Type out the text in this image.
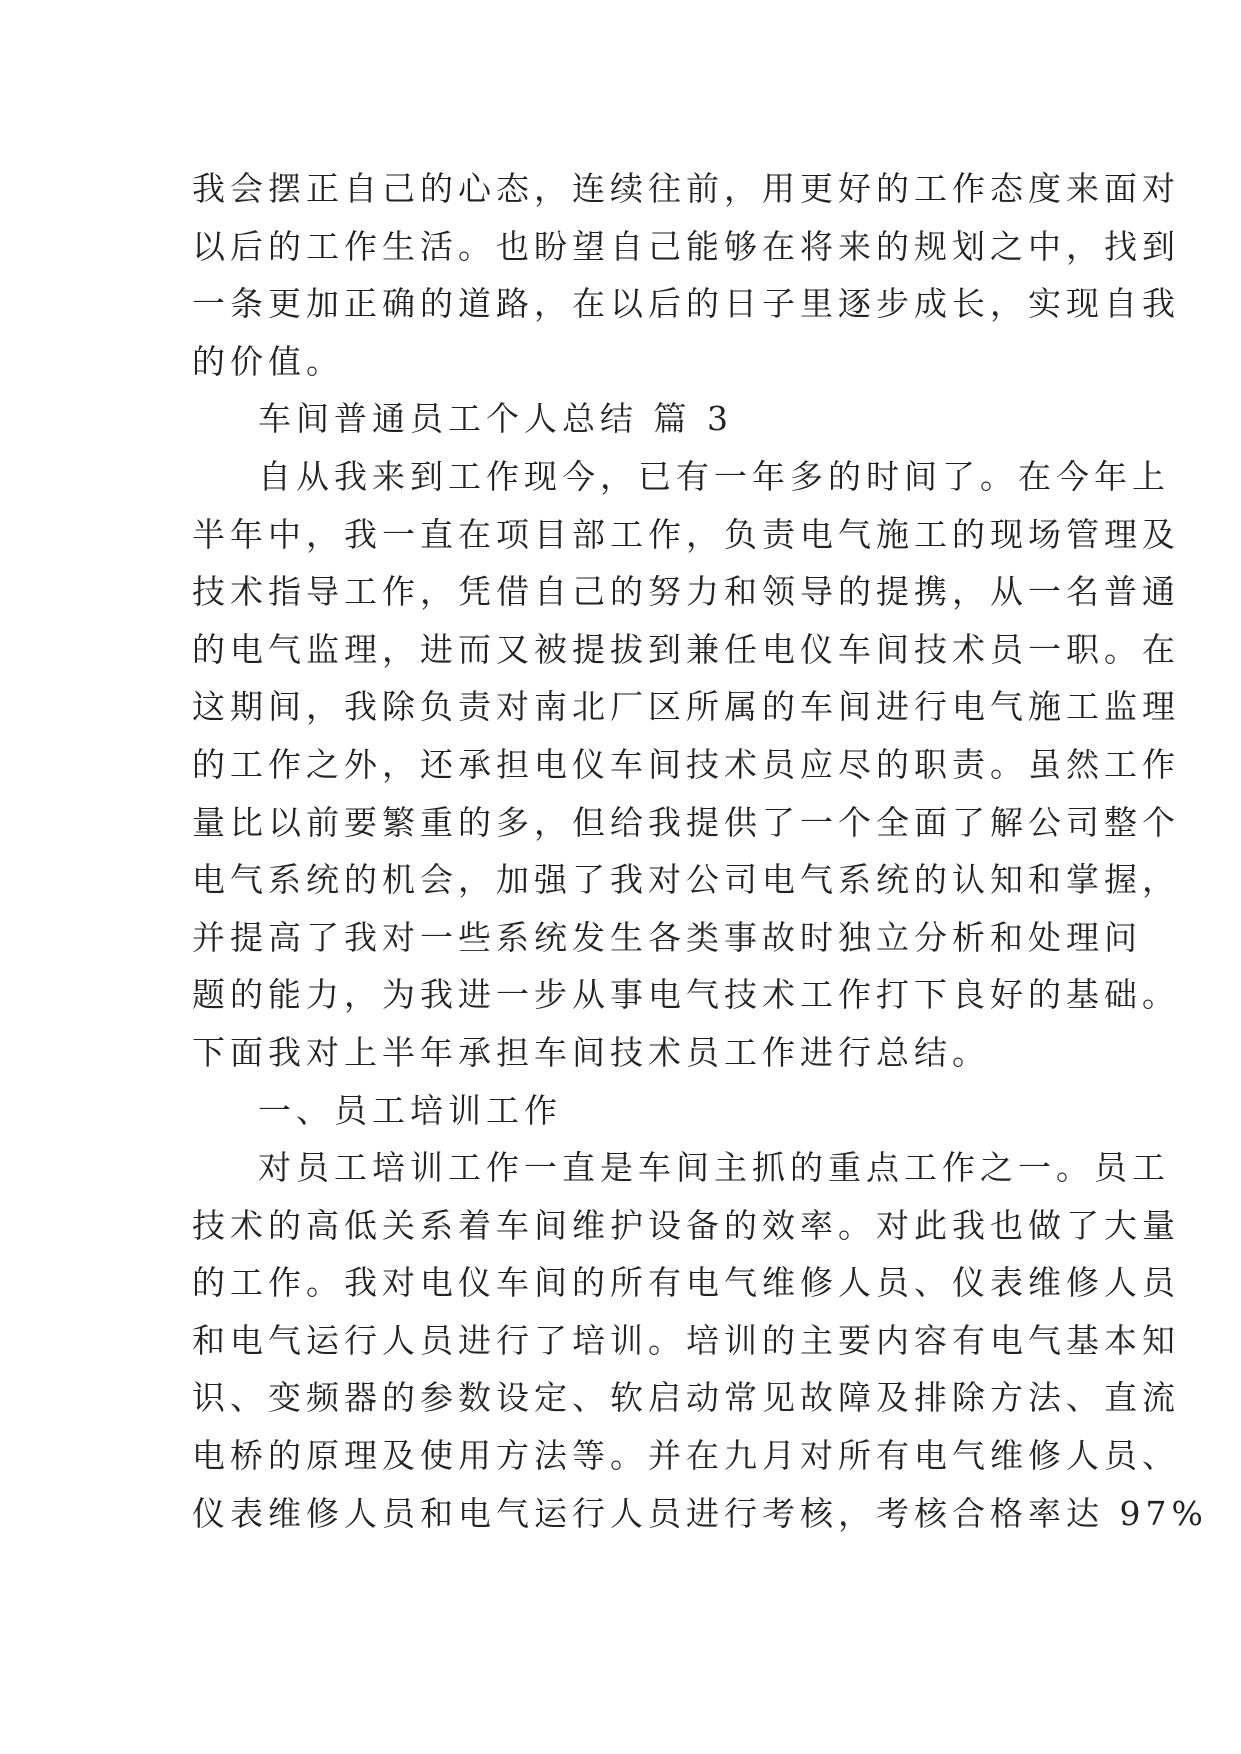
我会摆正自己的心态，连续往前，用更好的工作态度来面对
以后的工作生活。也盼望自己能够在将来的规划之中，找到
一条更加正确的道路，在以后的日子里逐步成长，实现自我
的价值。
车间普通员工个人总结 篇 3
自从我来到工作现今，已有一年多的时间了。在今年上
半年中，我一直在项目部工作，负责电气施工的现场管理及
技术指导工作，凭借自己的努力和领导的提携，从一名普通
的电气监理，进而又被提拔到兼任电仪车间技术员一职。在
这期间，我除负责对南北厂区所属的车间进行电气施工监理
的工作之外，还承担电仪车间技术员应尽的职责。虽然工作
量比以前要繁重的多，但给我提供了一个全面了解公司整个
电气系统的机会，加强了我对公司电气系统的认知和掌握，
并提高了我对一些系统发生各类事故时独立分析和处理问
题的能力，为我进一步从事电气技术工作打下良好的基础。
下面我对上半年承担车间技术员工作进行总结。
一、员工培训工作
对员工培训工作一直是车间主抓的重点工作之一。员工
技术的高低关系着车间维护设备的效率。对此我也做了大量
的工作。我对电仪车间的所有电气维修人员、仪表维修人员
和电气运行人员进行了培训。培训的主要内容有电气基本知
识、变频器的参数设定、软启动常见故障及排除方法、直流
电桥的原理及使用方法等。并在九月对所有电气维修人员、
仪表维修人员和电气运行人员进行考核，考核合格率达 97%
